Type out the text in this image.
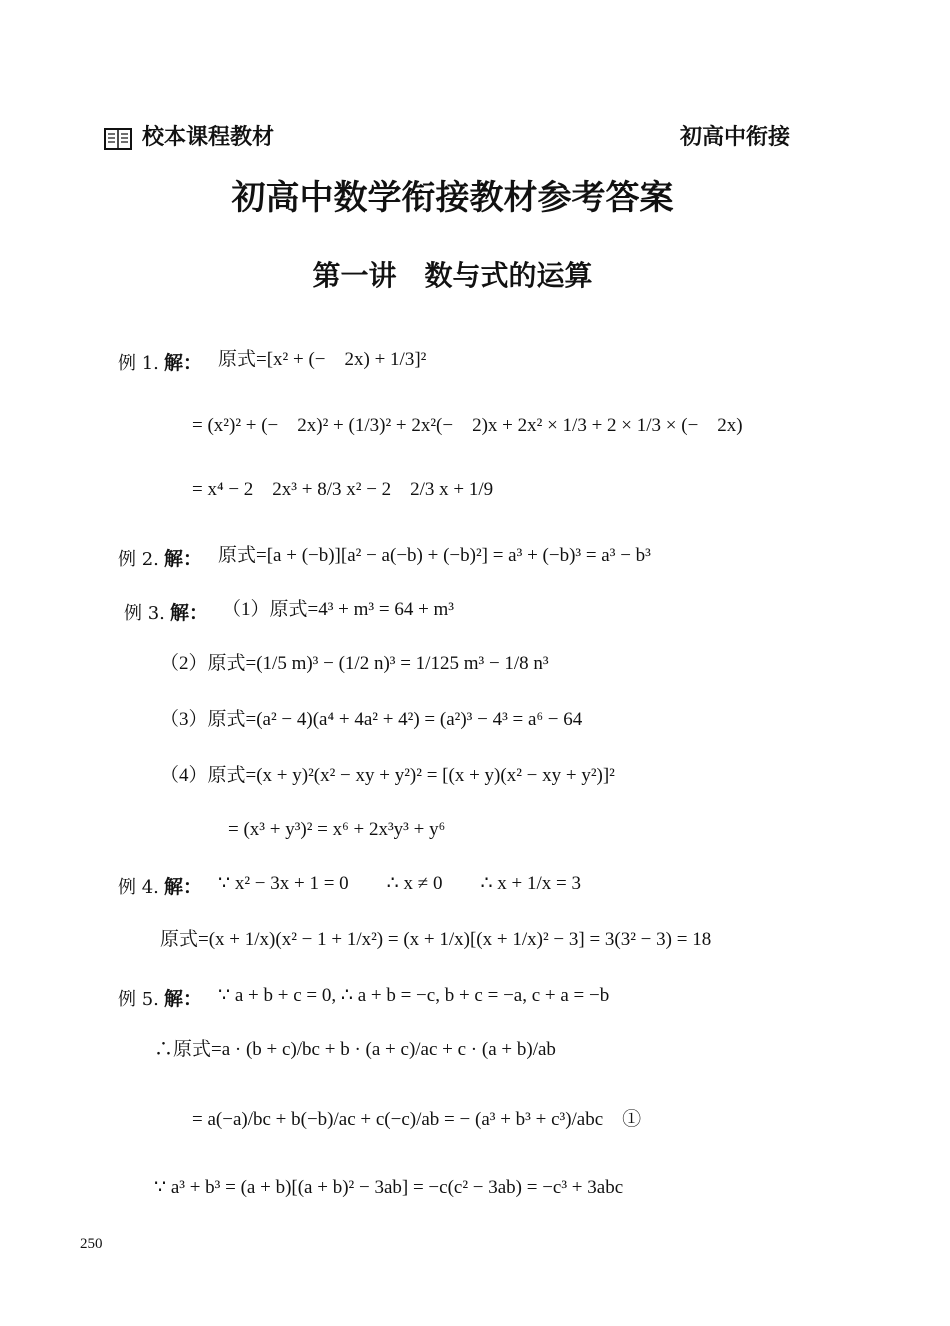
校本课程教材	初高中衔接
初高中数学衔接教材参考答案
第一讲　数与式的运算
例 1. 解： 原式=[x² + (−　2x) + 1/3]²
= (x²)² + (−　2x)² + (1/3)² + 2x²(−　2)x + 2x² × 1/3 + 2 × 1/3 × (−　2x)
= x⁴ − 2　2x³ + 8/3 x² − 2　2/3 x + 1/9
例 2. 解： 原式=[a + (−b)][a² − a(−b) + (−b)²] = a³ + (−b)³ = a³ − b³
例 3. 解： （1）原式=4³ + m³ = 64 + m³
（2）原式=(1/5 m)³ − (1/2 n)³ = 1/125 m³ − 1/8 n³
（3）原式=(a² − 4)(a⁴ + 4a² + 4²) = (a²)³ − 4³ = a⁶ − 64
（4）原式=(x + y)²(x² − xy + y²)² = [(x + y)(x² − xy + y²)]²
= (x³ + y³)² = x⁶ + 2x³y³ + y⁶
例 4. 解： ∵ x² − 3x + 1 = 0　　∴ x ≠ 0　　∴ x + 1/x = 3
原式=(x + 1/x)(x² − 1 + 1/x²) = (x + 1/x)[(x + 1/x)² − 3] = 3(3² − 3) = 18
例 5. 解： ∵ a + b + c = 0, ∴ a + b = −c, b + c = −a, c + a = −b
∴原式=a · (b + c)/bc + b · (a + c)/ac + c · (a + b)/ab
= a(−a)/bc + b(−b)/ac + c(−c)/ab = − (a³ + b³ + c³)/abc　①
∵ a³ + b³ = (a + b)[(a + b)² − 3ab] = −c(c² − 3ab) = −c³ + 3abc
250
